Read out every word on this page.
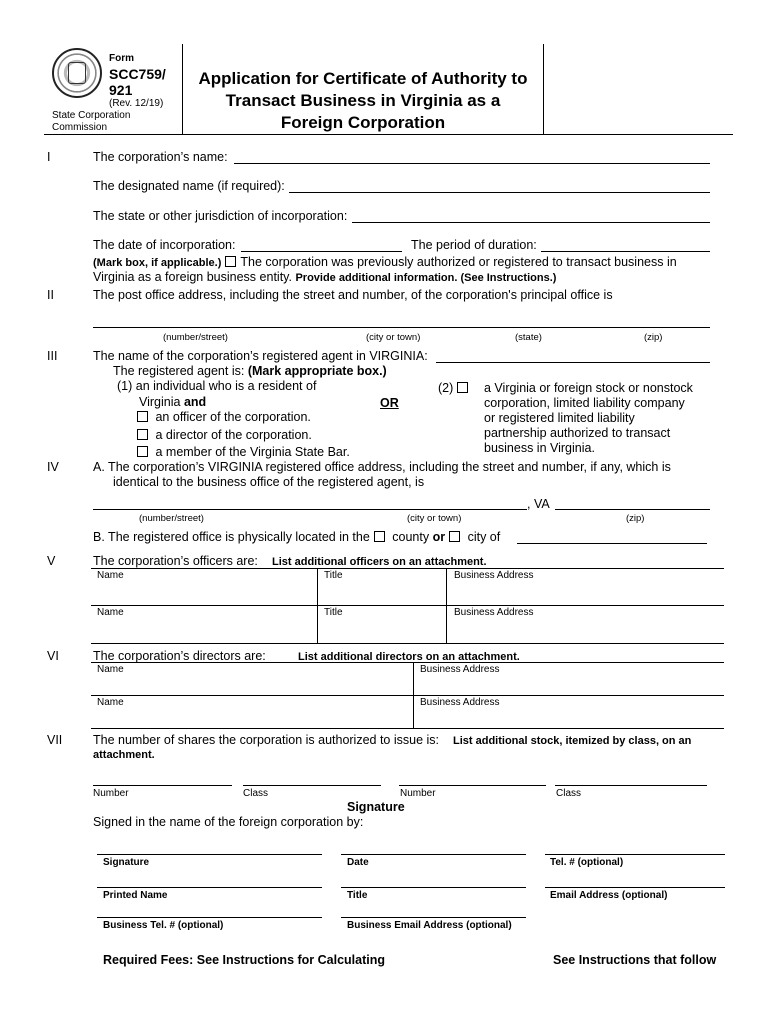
Form
SCC759/
921
(Rev. 12/19)
State Corporation
Commission
Application for Certificate of Authority to
Transact Business in Virginia as a
Foreign Corporation
I	The corporation’s name:
The designated name (if required):
The state or other jurisdiction of incorporation:
The date of incorporation:	The period of duration:
(Mark box, if applicable.) The corporation was previously authorized or registered to transact business in
Virginia as a foreign business entity. Provide additional information. (See Instructions.)
II	The post office address, including the street and number, of the corporation's principal office is
(number/street)	(city or town)	(state)	(zip)
III	The name of the corporation’s registered agent in VIRGINIA:
The registered agent is: (Mark appropriate box.)
(1) an individual who is a resident of
Virginia and	OR
an officer of the corporation.
a director of the corporation.
a member of the Virginia State Bar.
(2)	a Virginia or foreign stock or nonstock
corporation, limited liability company
or registered limited liability
partnership authorized to transact
business in Virginia.
IV	A. The corporation’s VIRGINIA registered office address, including the street and number, if any, which is
identical to the business office of the registered agent, is
, VA
(number/street)	(city or town)	(zip)
B. The registered office is physically located in the county or city of
V	The corporation’s officers are: List additional officers on an attachment.
Name	Title	Business Address
Name	Title	Business Address
VI	The corporation’s directors are:	List additional directors on an attachment.
Name	Business Address
Name	Business Address
VII The number of shares the corporation is authorized to issue is: List additional stock, itemized by class, on an
attachment.
Number	Class	Number	Class
Signature
Signed in the name of the foreign corporation by:
Signature	Date	Tel. # (optional)
Printed Name	Title	Email Address (optional)
Business Tel. # (optional)	Business Email Address (optional)
Required Fees: See Instructions for Calculating	See Instructions that follow
